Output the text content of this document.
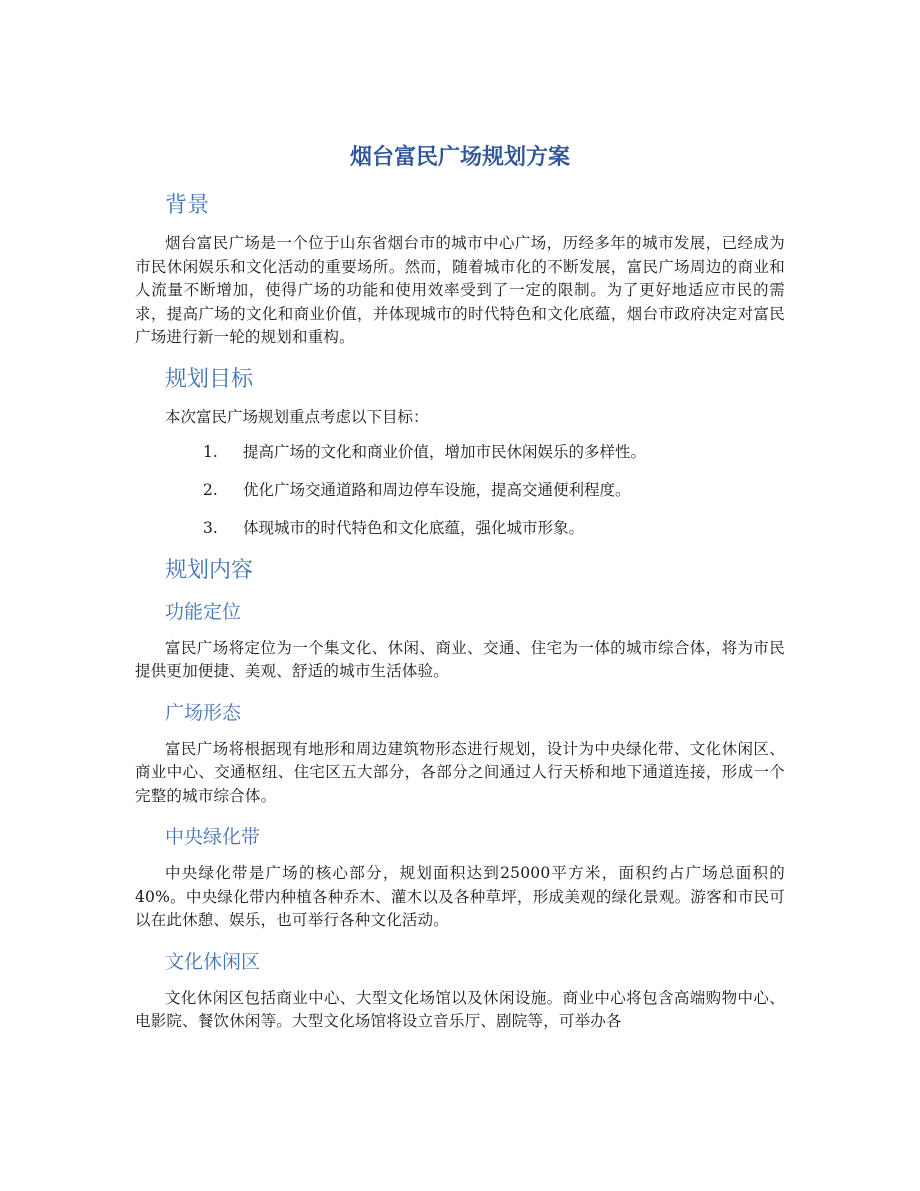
烟台富民广场规划方案
背景

烟台富民广场是一个位于山东省烟台市的城市中心广场，历经多年的城市发展，已经成为市民休闲娱乐和文化活动的重要场所。然而，随着城市化的不断发展，富民广场周边的商业和人流量不断增加，使得广场的功能和使用效率受到了一定的限制。为了更好地适应市民的需求，提高广场的文化和商业价值，并体现城市的时代特色和文化底蕴，烟台市政府决定对富民广场进行新一轮的规划和重构。

规划目标

本次富民广场规划重点考虑以下目标：

1. 提高广场的文化和商业价值，增加市民休闲娱乐的多样性。
2. 优化广场交通道路和周边停车设施，提高交通便利程度。
3. 体现城市的时代特色和文化底蕴，强化城市形象。
规划内容
功能定位

富民广场将定位为一个集文化、休闲、商业、交通、住宅为一体的城市综合体，将为市民提供更加便捷、美观、舒适的城市生活体验。

广场形态

富民广场将根据现有地形和周边建筑物形态进行规划，设计为中央绿化带、文化休闲区、商业中心、交通枢纽、住宅区五大部分，各部分之间通过人行天桥和地下通道连接，形成一个完整的城市综合体。

中央绿化带

中央绿化带是广场的核心部分，规划面积达到25000平方米，面积约占广场总面积的40%。中央绿化带内种植各种乔木、灌木以及各种草坪，形成美观的绿化景观。游客和市民可以在此休憩、娱乐，也可举行各种文化活动。

文化休闲区

文化休闲区包括商业中心、大型文化场馆以及休闲设施。商业中心将包含高端购物中心、电影院、餐饮休闲等。大型文化场馆将设立音乐厅、剧院等，可举办各
